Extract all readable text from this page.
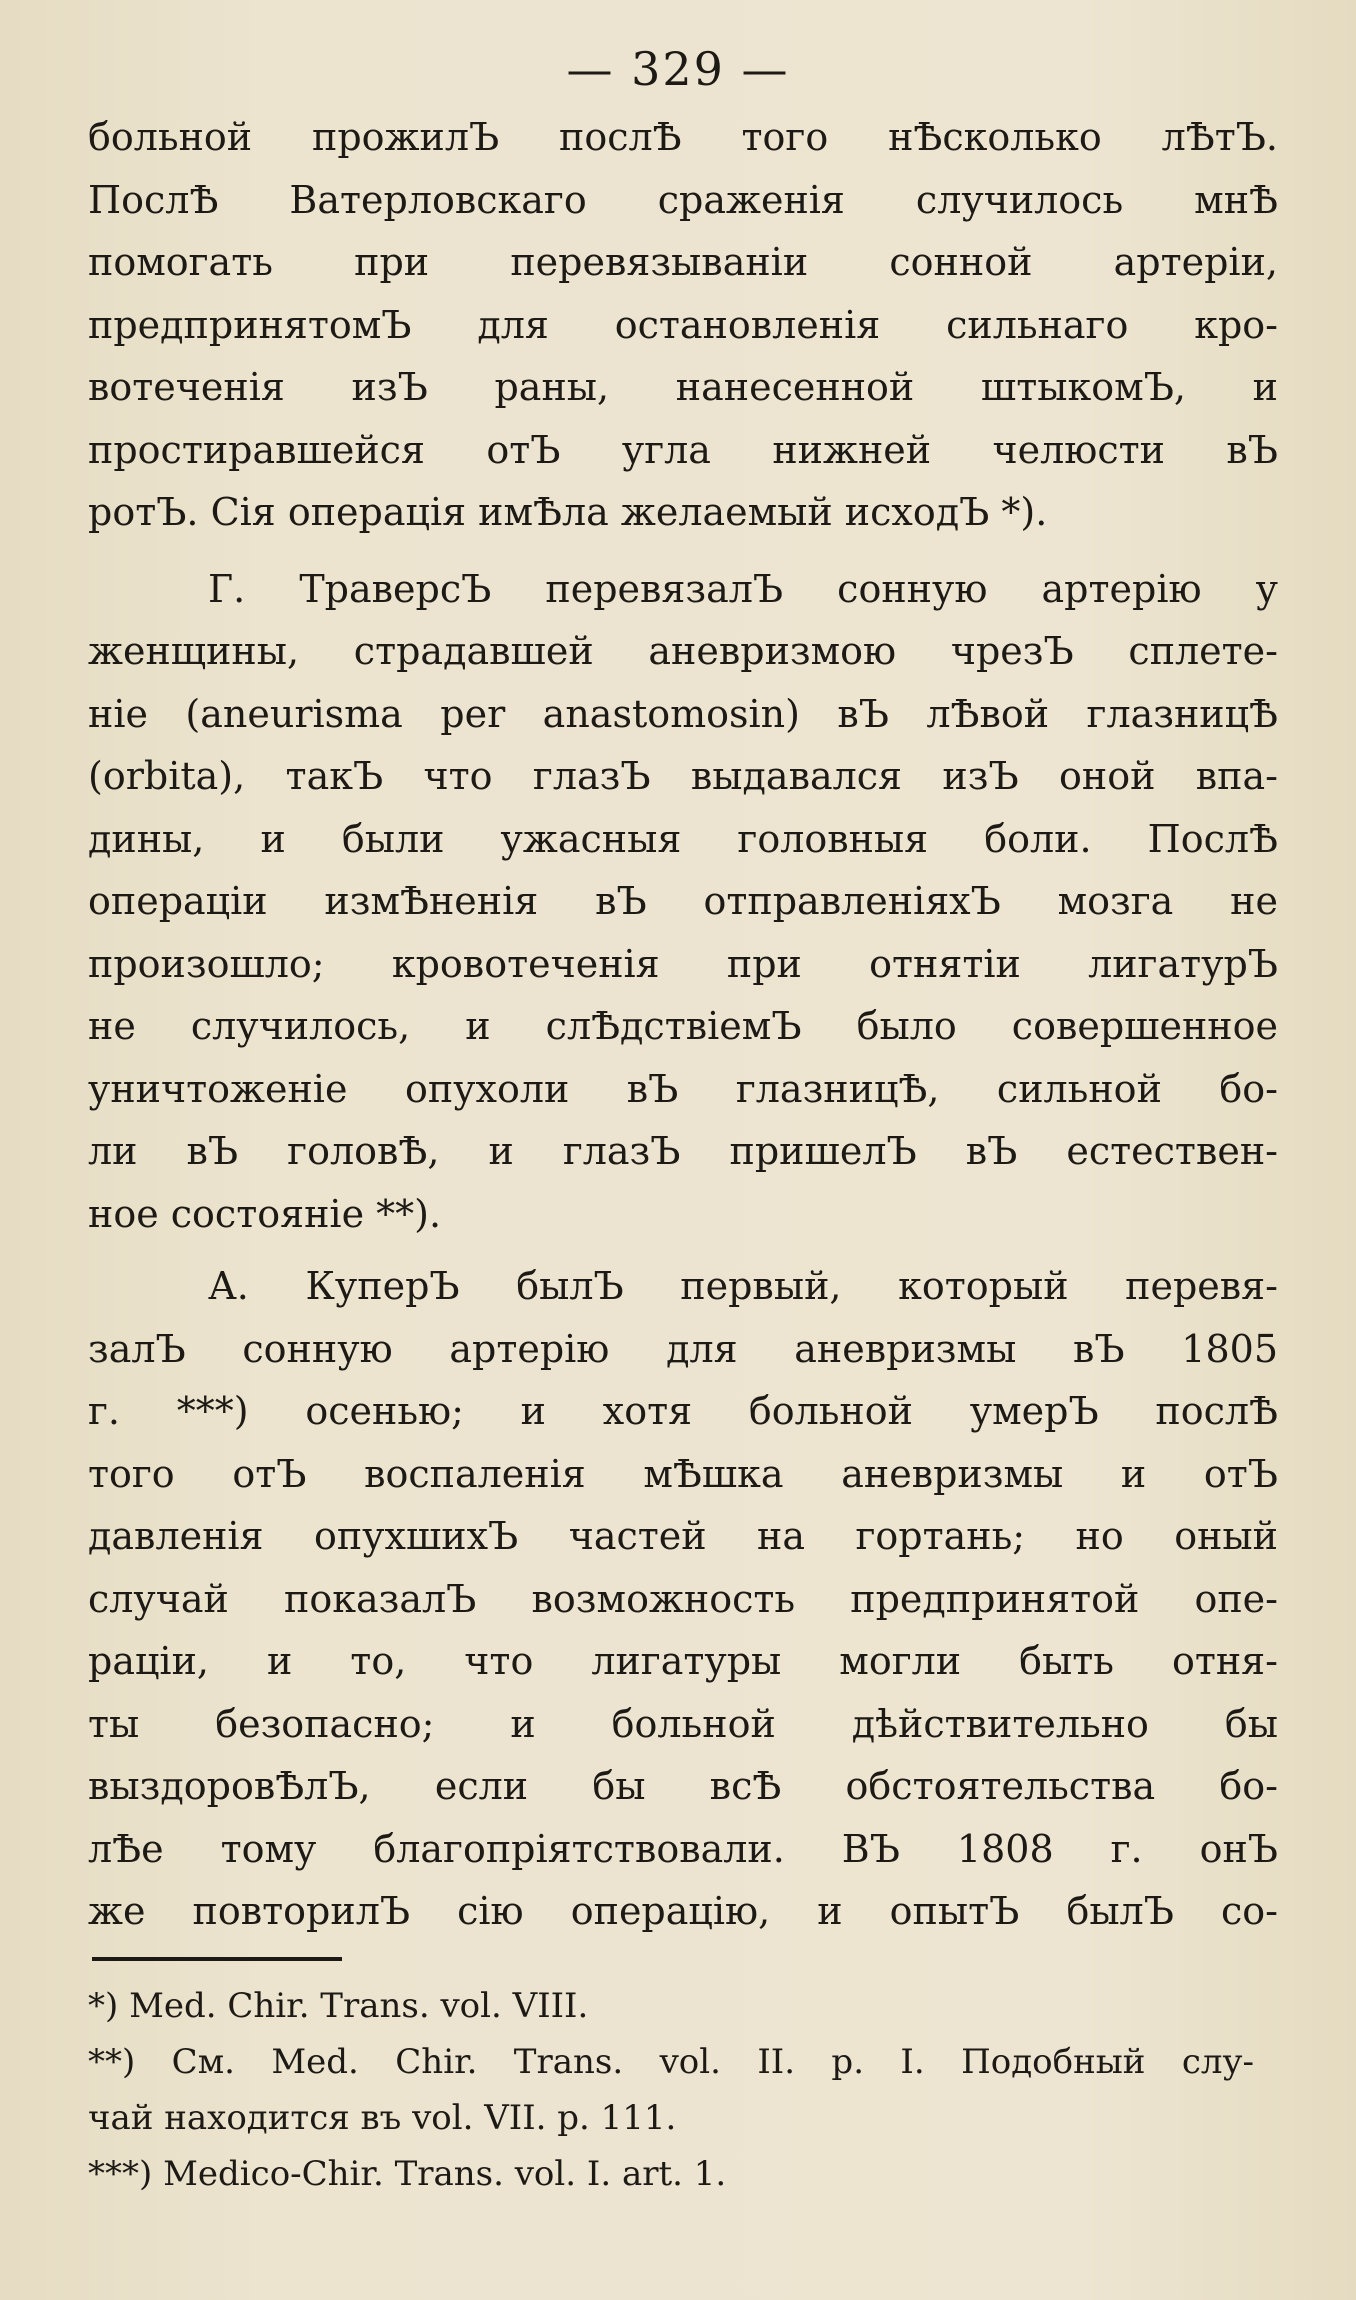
— 329 —
больной прожилЪ послѢ того нѢсколько лѢтЪ.
ПослѢ Ватерловскаго сраженія случилось мнѢ
помогать при перевязываніи сонной артеріи,
предпринятомЪ для остановленія сильнаго кро-
вотеченія изЪ раны, нанесенной штыкомЪ, и
простиравшейся отЪ угла нижней челюсти вЪ
ротЪ. Сія операція имѢла желаемый исходЪ *).
Г. ТраверсЪ перевязалЪ сонную артерію у
женщины, страдавшей аневризмою чрезЪ сплете-
ніе (aneurisma per anastomosin) вЪ лѢвой глазницѢ
(orbita), такЪ что глазЪ выдавался изЪ оной впа-
дины, и были ужасныя головныя боли. ПослѢ
операціи измѢненія вЪ отправленіяхЪ мозга не
произошло; кровотеченія при отнятіи лигатурЪ
не случилось, и слѢдствіемЪ было совершенное
уничтоженіе опухоли вЪ глазницѢ, сильной бо-
ли вЪ головѢ, и глазЪ пришелЪ вЪ естествен-
ное состояніе **).
А. КуперЪ былЪ первый, который перевя-
залЪ сонную артерію для аневризмы вЪ 1805
г. ***) осенью; и хотя больной умерЪ послѢ
того отЪ воспаленія мѢшка аневризмы и отЪ
давленія опухшихЪ частей на гортань; но оный
случай показалЪ возможность предпринятой опе-
раціи, и то, что лигатуры могли быть отня-
ты безопасно; и больной дѣйствительно бы
выздоровѢлЪ, если бы всѢ обстоятельства бо-
лѢе тому благопріятствовали. ВЪ 1808 г. онЪ
же повторилЪ сію операцію, и опытЪ былЪ со-
*) Med. Chir. Trans. vol. VIII.
**) См. Med. Chir. Trans. vol. II. p. I. Подобный слу-
чай находится въ vol. VII. p. 111.
***) Medico-Chir. Trans. vol. I. art. 1.
